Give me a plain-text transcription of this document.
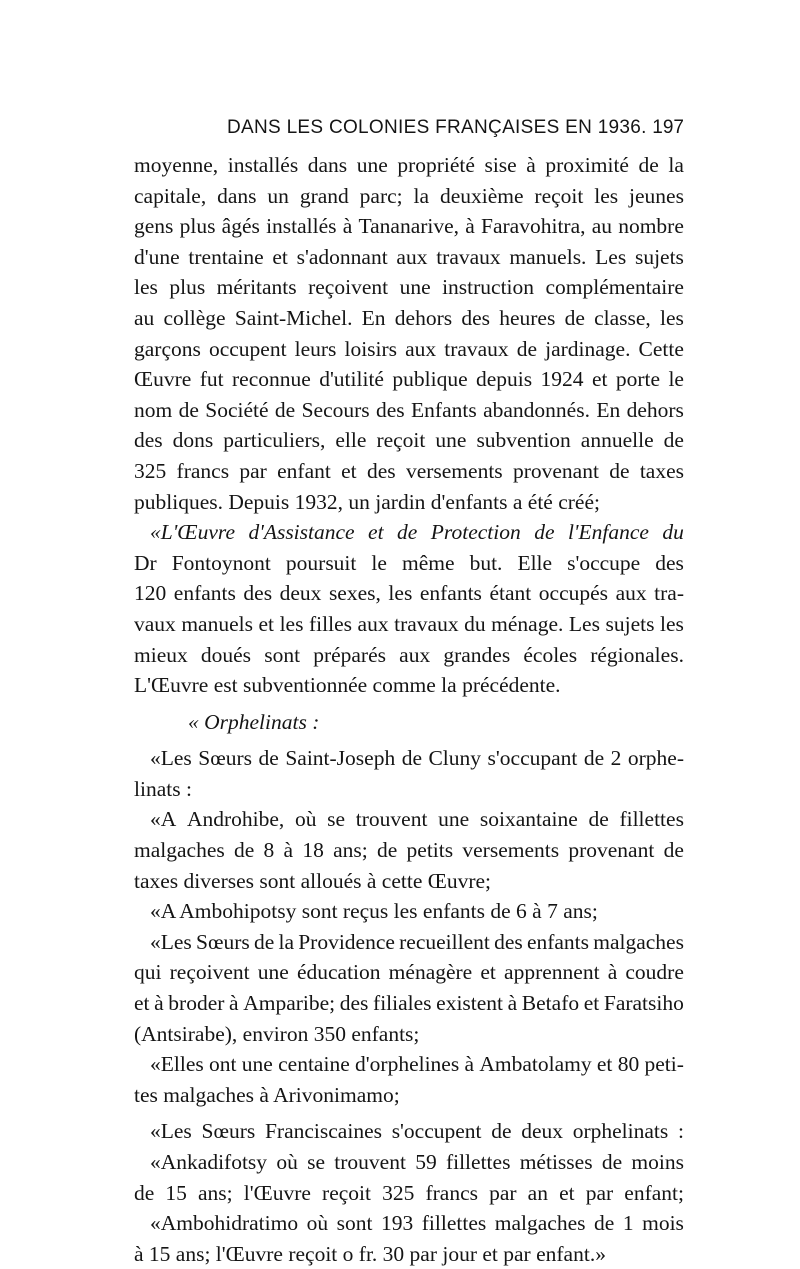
DANS LES COLONIES FRANÇAISES EN 1936. 197
moyenne, installés dans une propriété sise à proximité de la
capitale, dans un grand parc; la deuxième reçoit les jeunes
gens plus âgés installés à Tananarive, à Faravohitra, au nombre
d'une trentaine et s'adonnant aux travaux manuels. Les sujets
les plus méritants reçoivent une instruction complémentaire
au collège Saint-Michel. En dehors des heures de classe, les
garçons occupent leurs loisirs aux travaux de jardinage. Cette
Œuvre fut reconnue d'utilité publique depuis 1924 et porte le
nom de Société de Secours des Enfants abandonnés. En dehors
des dons particuliers, elle reçoit une subvention annuelle de
325 francs par enfant et des versements provenant de taxes
publiques. Depuis 1932, un jardin d'enfants a été créé;
«L'Œuvre d'Assistance et de Protection de l'Enfance du
Dr Fontoynont poursuit le même but. Elle s'occupe des
120 enfants des deux sexes, les enfants étant occupés aux tra-
vaux manuels et les filles aux travaux du ménage. Les sujets les
mieux doués sont préparés aux grandes écoles régionales.
L'Œuvre est subventionnée comme la précédente.
« Orphelinats :
«Les Sœurs de Saint-Joseph de Cluny s'occupant de 2 orphe-
linats :
«A Androhibe, où se trouvent une soixantaine de fillettes
malgaches de 8 à 18 ans; de petits versements provenant de
taxes diverses sont alloués à cette Œuvre;
«A Ambohipotsy sont reçus les enfants de 6 à 7 ans;
«Les Sœurs de la Providence recueillent des enfants malgaches
qui reçoivent une éducation ménagère et apprennent à coudre
et à broder à Amparibe; des filiales existent à Betafo et Faratsiho
(Antsirabe), environ 350 enfants;
«Elles ont une centaine d'orphelines à Ambatolamy et 80 peti-
tes malgaches à Arivonimamo;
«Les Sœurs Franciscaines s'occupent de deux orphelinats :
«Ankadifotsy où se trouvent 59 fillettes métisses de moins
de 15 ans; l'Œuvre reçoit 325 francs par an et par enfant;
«Ambohidratimo où sont 193 fillettes malgaches de 1 mois
à 15 ans; l'Œuvre reçoit o fr. 30 par jour et par enfant.»
